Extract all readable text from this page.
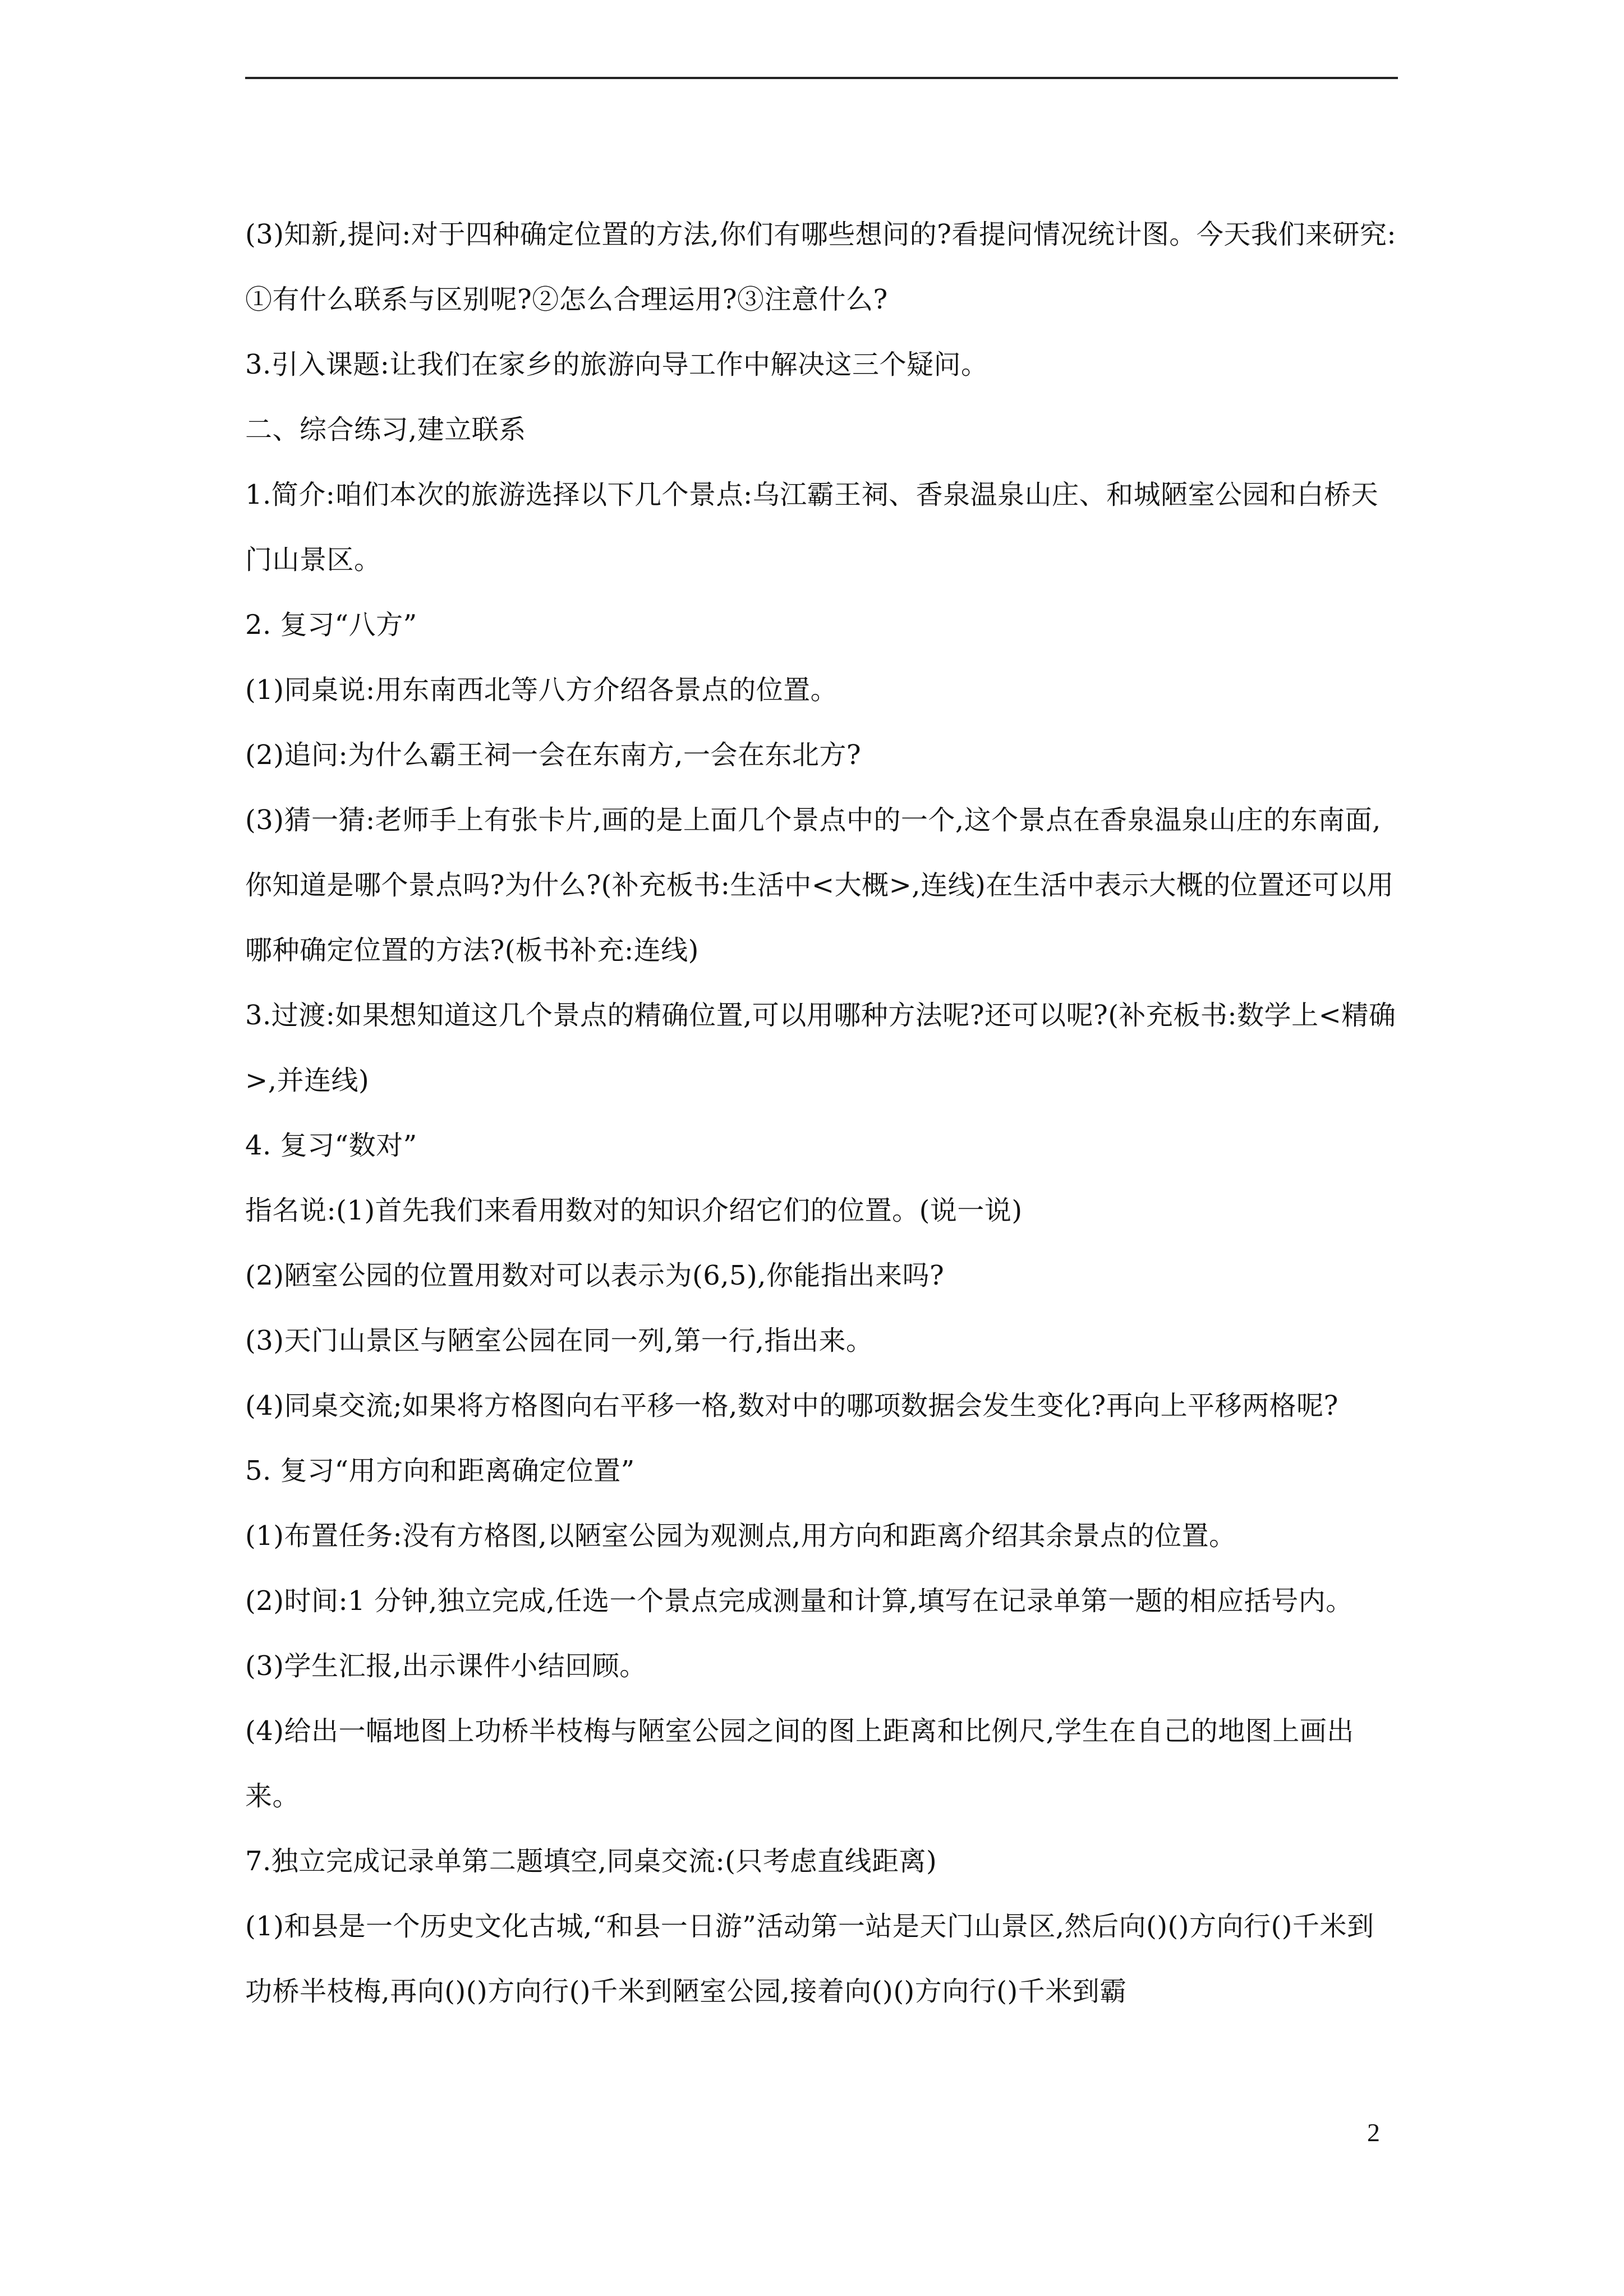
(3)知新,提问:对于四种确定位置的方法,你们有哪些想问的?看提问情况统计图。今天我们来研究:①有什么联系与区别呢?②怎么合理运用?③注意什么?

3.引入课题:让我们在家乡的旅游向导工作中解决这三个疑问。

二、综合练习,建立联系

1.简介:咱们本次的旅游选择以下几个景点:乌江霸王祠、香泉温泉山庄、和城陋室公园和白桥天门山景区。

2. 复习“八方”

(1)同桌说:用东南西北等八方介绍各景点的位置。

(2)追问:为什么霸王祠一会在东南方,一会在东北方?

(3)猜一猜:老师手上有张卡片,画的是上面几个景点中的一个,这个景点在香泉温泉山庄的东南面,你知道是哪个景点吗?为什么?(补充板书:生活中<大概>,连线)在生活中表示大概的位置还可以用哪种确定位置的方法?(板书补充:连线)

3.过渡:如果想知道这几个景点的精确位置,可以用哪种方法呢?还可以呢?(补充板书:数学上<精确>,并连线)

4. 复习“数对”

指名说:(1)首先我们来看用数对的知识介绍它们的位置。(说一说)

(2)陋室公园的位置用数对可以表示为(6,5),你能指出来吗?

(3)天门山景区与陋室公园在同一列,第一行,指出来。

(4)同桌交流;如果将方格图向右平移一格,数对中的哪项数据会发生变化?再向上平移两格呢?

5. 复习“用方向和距离确定位置”

(1)布置任务:没有方格图,以陋室公园为观测点,用方向和距离介绍其余景点的位置。

(2)时间:1 分钟,独立完成,任选一个景点完成测量和计算,填写在记录单第一题的相应括号内。

(3)学生汇报,出示课件小结回顾。

(4)给出一幅地图上功桥半枝梅与陋室公园之间的图上距离和比例尺,学生在自己的地图上画出来。

7.独立完成记录单第二题填空,同桌交流:(只考虑直线距离)

(1)和县是一个历史文化古城,“和县一日游”活动第一站是天门山景区,然后向()()方向行()千米到功桥半枝梅,再向()()方向行()千米到陋室公园,接着向()()方向行()千米到霸

2
